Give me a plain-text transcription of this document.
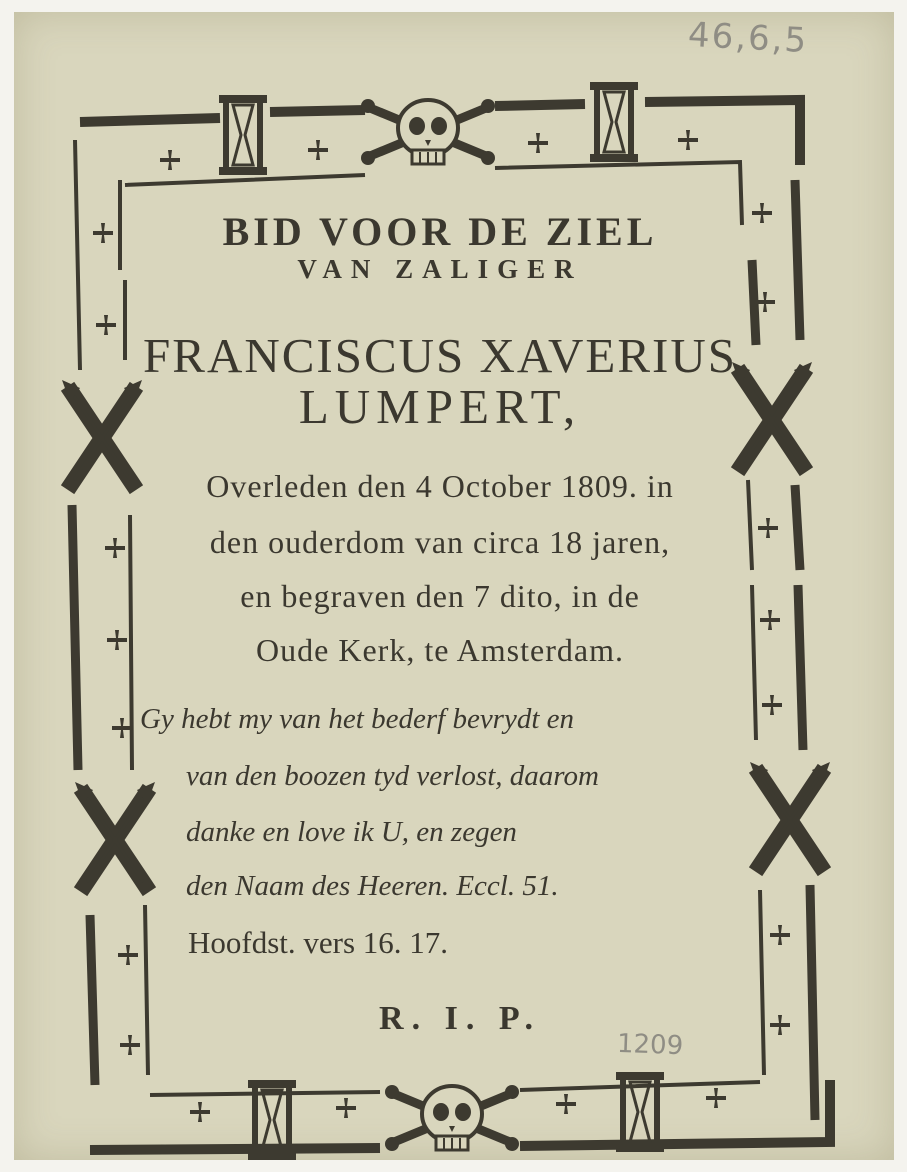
46,6,5
1209
BID VOOR DE ZIEL
VAN ZALIGER
FRANCISCUS XAVERIUS
LUMPERT,
Overleden den 4 October 1809. in
den ouderdom van circa 18 jaren,
en begraven den 7 dito, in de
Oude Kerk, te Amsterdam.
Gy hebt my van het bederf bevrydt en
van den boozen tyd verlost, daarom
danke en love ik U, en zegen
den Naam des Heeren. Eccl. 51.
Hoofdst. vers 16. 17.
R. I. P.
